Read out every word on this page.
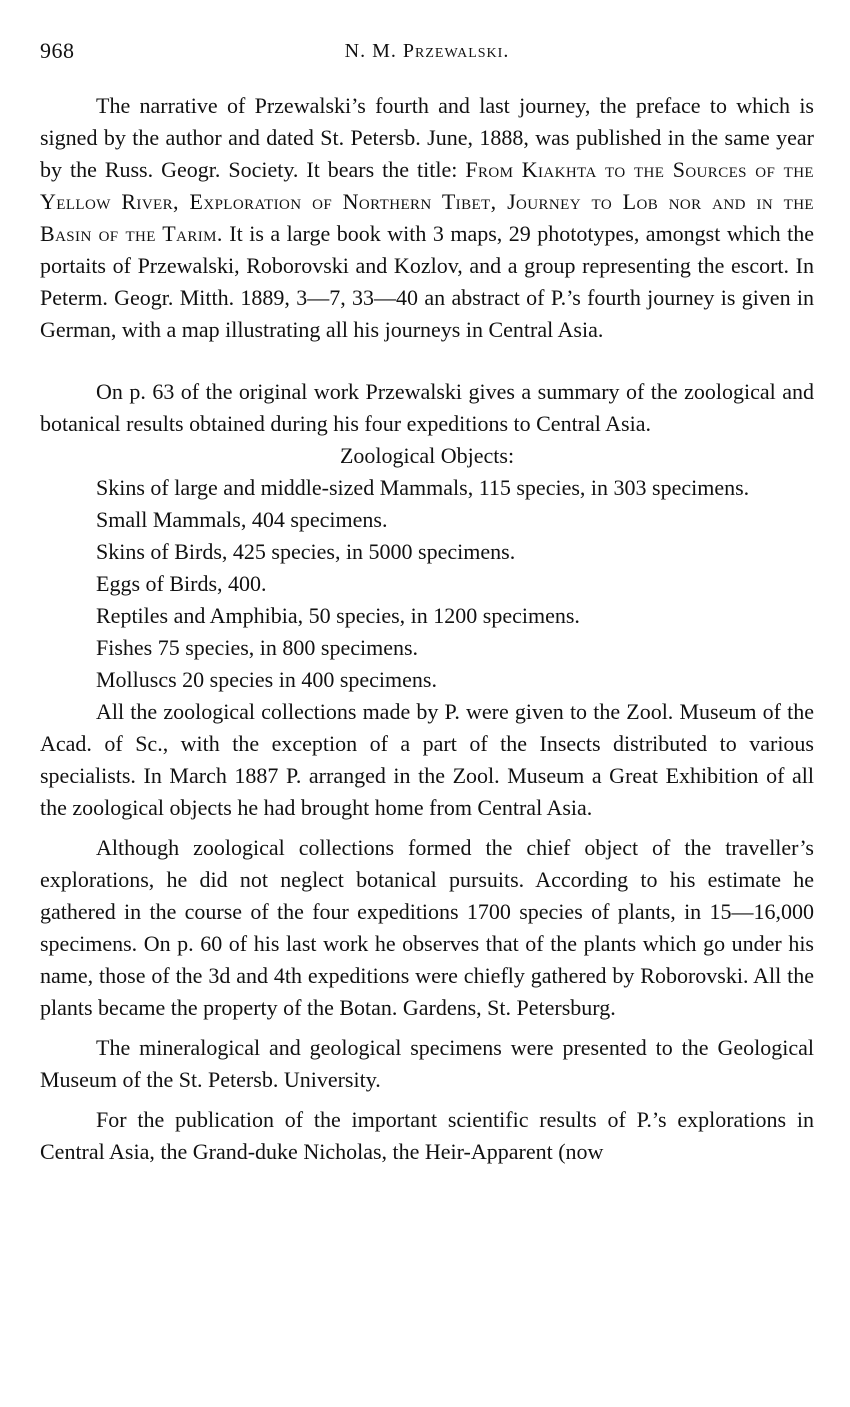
968	N. M. Przewalski.

The narrative of Przewalski’s fourth and last journey, the preface to which is signed by the author and dated St. Petersb. June, 1888, was published in the same year by the Russ. Geogr. Society. It bears the title: From Kiakhta to the Sources of the Yellow River, Exploration of Northern Tibet, Journey to Lob nor and in the Basin of the Tarim. It is a large book with 3 maps, 29 phototypes, amongst which the portaits of Przewalski, Roborovski and Kozlov, and a group representing the escort. In Peterm. Geogr. Mitth. 1889, 3—7, 33—40 an abstract of P.’s fourth journey is given in German, with a map illustrating all his journeys in Central Asia.

On p. 63 of the original work Przewalski gives a summary of the zoological and botanical results obtained during his four expeditions to Central Asia.

Zoological Objects:

Skins of large and middle-sized Mammals, 115 species, in 303 specimens.

Small Mammals, 404 specimens.

Skins of Birds, 425 species, in 5000 specimens.

Eggs of Birds, 400.

Reptiles and Amphibia, 50 species, in 1200 specimens.

Fishes 75 species, in 800 specimens.

Molluscs 20 species in 400 specimens.

All the zoological collections made by P. were given to the Zool. Museum of the Acad. of Sc., with the exception of a part of the Insects distributed to various specialists. In March 1887 P. arranged in the Zool. Museum a Great Exhibition of all the zoological objects he had brought home from Central Asia.

Although zoological collections formed the chief object of the traveller’s explorations, he did not neglect botanical pursuits. According to his estimate he gathered in the course of the four expeditions 1700 species of plants, in 15—16,000 specimens. On p. 60 of his last work he observes that of the plants which go under his name, those of the 3d and 4th expeditions were chiefly gathered by Roborovski. All the plants became the property of the Botan. Gardens, St. Petersburg.

The mineralogical and geological specimens were presented to the Geological Museum of the St. Petersb. University.

For the publication of the important scientific results of P.’s explorations in Central Asia, the Grand-duke Nicholas, the Heir-Apparent (now
